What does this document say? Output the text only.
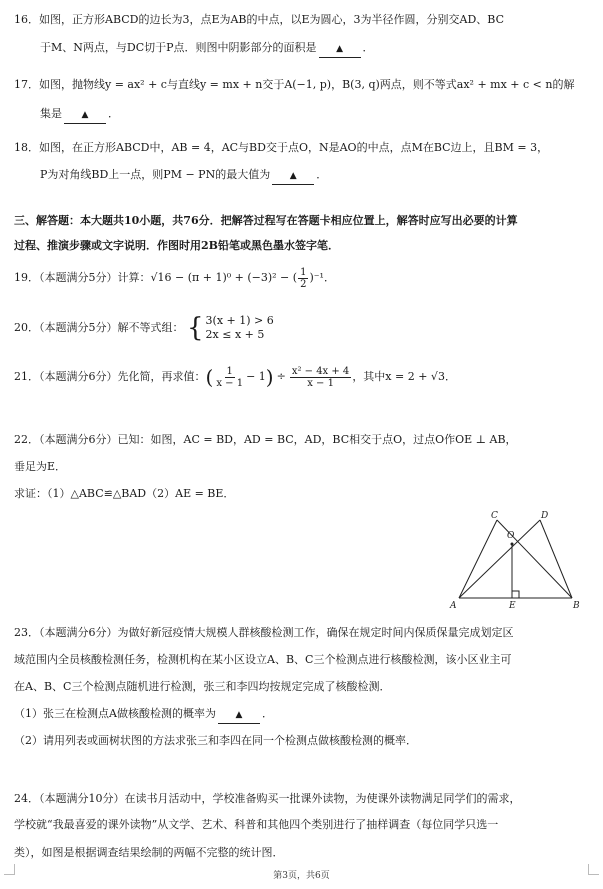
16．如图，正方形ABCD的边长为3，点E为AB的中点，以E为圆心，3为半径作圆，分别交AD、BC
于M、N两点，与DC切于P点．则图中阴影部分的面积是 ▲ ．
17．如图，抛物线y = ax² + c与直线y = mx + n交于A(−1, p)，B(3, q)两点，则不等式ax² + mx + c < n的解
集是 ▲ ．
18．如图，在正方形ABCD中，AB = 4，AC与BD交于点O，N是AO的中点，点M在BC边上，且BM = 3，
P为对角线BD上一点，则PM − PN的最大值为 ▲ ．
三、解答题：本大题共10小题，共76分．把解答过程写在答题卡相应位置上，解答时应写出必要的计算
过程、推演步骤或文字说明．作图时用2B铅笔或黑色墨水签字笔．
19．（本题满分5分）计算：√16 − (π + 1)⁰ + (−3)² − ( $\frac{1}{2} )^{-1}$．
20．（本题满分5分）解不等式组： { 3(x + 1) > 6
2x ≤ x + 5
21．（本题满分6分）先化简，再求值：( $\frac{1}{x - 1} - 1) \div \frac{\text{x² − 4x + 4}}{x - 1}$ ，其中x = 2 + √3．
22．（本题满分6分）已知：如图，AC = BD，AD = BC，AD，BC相交于点O，过点O作OE ⊥ AB，
垂足为E．
求证：（1）△ABC≌△BAD（2）AE = BE．
A	B
C	D
O
E
23．（本题满分6分）为做好新冠疫情大规模人群核酸检测工作，确保在规定时间内保质保量完成划定区
域范围内全员核酸检测任务，检测机构在某小区设立A、B、C三个检测点进行核酸检测，该小区业主可
在A、B、C三个检测点随机进行检测，张三和李四均按规定完成了核酸检测．
（1）张三在检测点A做核酸检测的概率为 ▲ ．
（2）请用列表或画树状图的方法求张三和李四在同一个检测点做核酸检测的概率．
24．（本题满分10分）在读书月活动中，学校准备购买一批课外读物，为使课外读物满足同学们的需求，
学校就“我最喜爱的课外读物”从文学、艺术、科普和其他四个类别进行了抽样调查（每位同学只选一
类），如图是根据调查结果绘制的两幅不完整的统计图．
第3页，共6页
